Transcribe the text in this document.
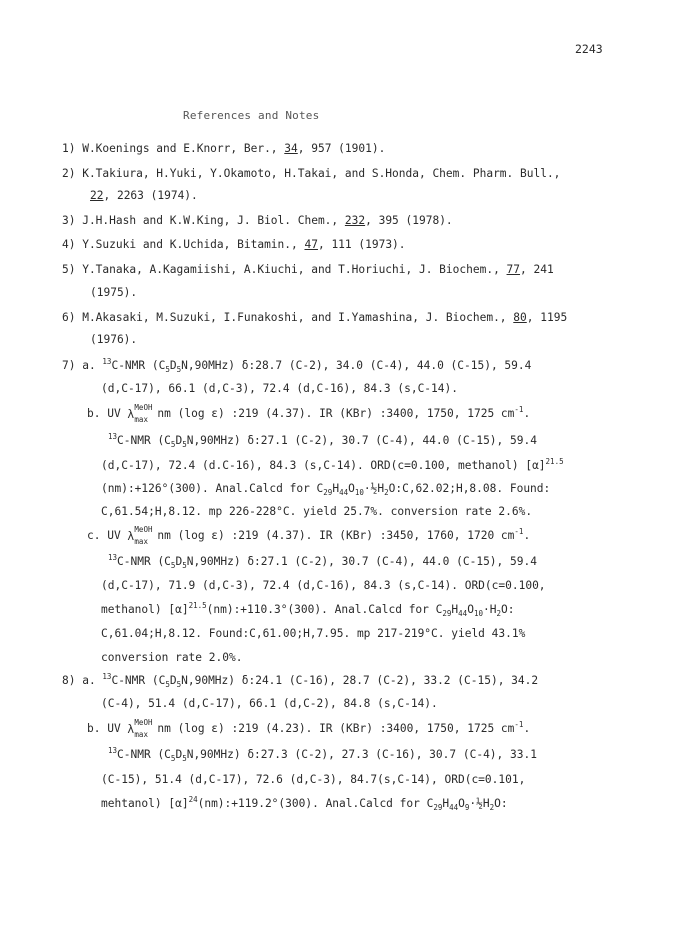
2243
References and Notes
1) W.Koenings and E.Knorr, Ber., 34, 957 (1901).
2) K.Takiura, H.Yuki, Y.Okamoto, H.Takai, and S.Honda, Chem. Pharm. Bull.,
22, 2263 (1974).
3) J.H.Hash and K.W.King, J. Biol. Chem., 232, 395 (1978).
4) Y.Suzuki and K.Uchida, Bitamin., 47, 111 (1973).
5) Y.Tanaka, A.Kagamiishi, A.Kiuchi, and T.Horiuchi, J. Biochem., 77, 241
(1975).
6) M.Akasaki, M.Suzuki, I.Funakoshi, and I.Yamashina, J. Biochem., 80, 1195
(1976).
7) a. $^{13}$C-NMR $(C_5D_5N,90MHz)$ δ:28.7 (C-2), 34.0 (C-4), 44.0 (C-15), 59.4
(d,C-17), 66.1 (d,C-3), 72.4 (d,C-16), 84.3 (s,C-14).
b. UV λ
MeOH
max nm (log ε) :219 (4.37). IR (KBr) :3400, 1750, 1725 $cm^{-1}$.
$^{13}$C-NMR $(C_5D_5N,90MHz)$ δ:27.1 (C-2), 30.7 (C-4), 44.0 (C-15), 59.4
(d,C-17), 72.4 (d.C-16), 84.3 (s,C-14). ORD(c=0.100, methanol) $[\alpha]^{21.5}$
(nm):+126°(300). Anal.Calcd for $C_{29}H_{44}O_{10}\cdot\frac{1}{2}H_2O:C,62.02;H,8.08$. Found:
C,61.54;H,8.12. mp 226-228°C. yield 25.7%. conversion rate 2.6%.
c. UV λ
MeOH
max nm (log ε) :219 (4.37). IR (KBr) :3450, 1760, 1720 $cm^{-1}$.
$^{13}$C-NMR $(C_5D_5N,90MHz)$ δ:27.1 (C-2), 30.7 (C-4), 44.0 (C-15), 59.4
(d,C-17), 71.9 (d,C-3), 72.4 (d,C-16), 84.3 (s,C-14). ORD(c=0.100,
methanol) $[\alpha]^{21.5}(nm):+110.3^\circ(300)$. Anal.Calcd for $C_{29}H_{44}O_{10}\cdot H_2O$:
C,61.04;H,8.12. Found:C,61.00;H,7.95. mp 217-219°C. yield 43.1%
conversion rate 2.0%.
8) a. $^{13}$C-NMR $(C_5D_5N,90MHz)$ δ:24.1 (C-16), 28.7 (C-2), 33.2 (C-15), 34.2
(C-4), 51.4 (d,C-17), 66.1 (d,C-2), 84.8 (s,C-14).
b. UV λ
MeOH
max nm (log ε) :219 (4.23). IR (KBr) :3400, 1750, 1725 $cm^{-1}$.
$^{13}$C-NMR $(C_5D_5N,90MHz)$ δ:27.3 (C-2), 27.3 (C-16), 30.7 (C-4), 33.1
(C-15), 51.4 (d,C-17), 72.6 (d,C-3), 84.7(s,C-14), ORD(c=0.101,
mehtanol) $[\alpha]^{24}(nm):+119.2^\circ(300)$. Anal.Calcd for $C_{29}H_{44}O_9\cdot\frac{1}{2}H_2O$:
